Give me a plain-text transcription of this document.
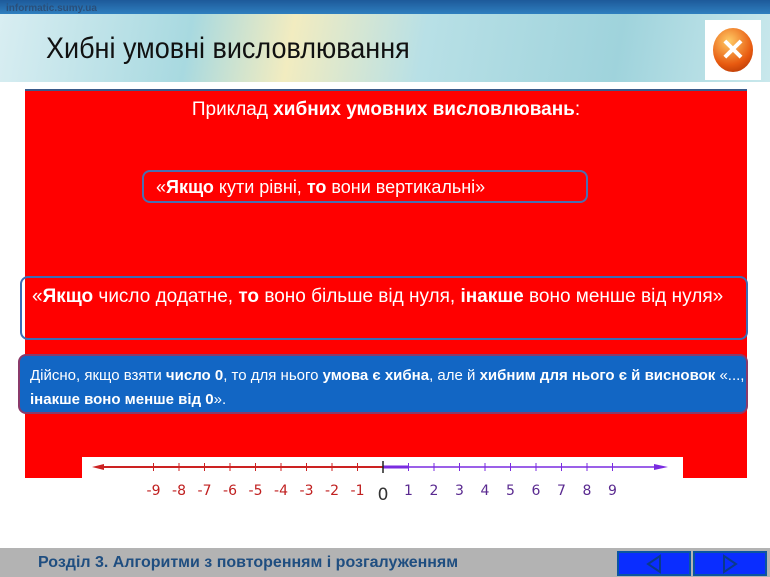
informatic.sumy.ua
Хибні умовні висловлювання	✕
Приклад хибних умовних висловлювань:
«Якщо кути рівні, то вони вертикальні»
«Якщо число додатне, то воно більше від нуля, інакше воно менше від нуля»
Дійсно, якщо взяти число 0, то для нього умова є хибна, але й хибним для нього є й висновок «..., інакше воно менше від 0».
-9 -8 -7 -6 -5 -4 -3 -2 -1 0 1 2 3 4 5 6 7 8 9
Розділ 3. Алгоритми з повторенням і розгалуженням
